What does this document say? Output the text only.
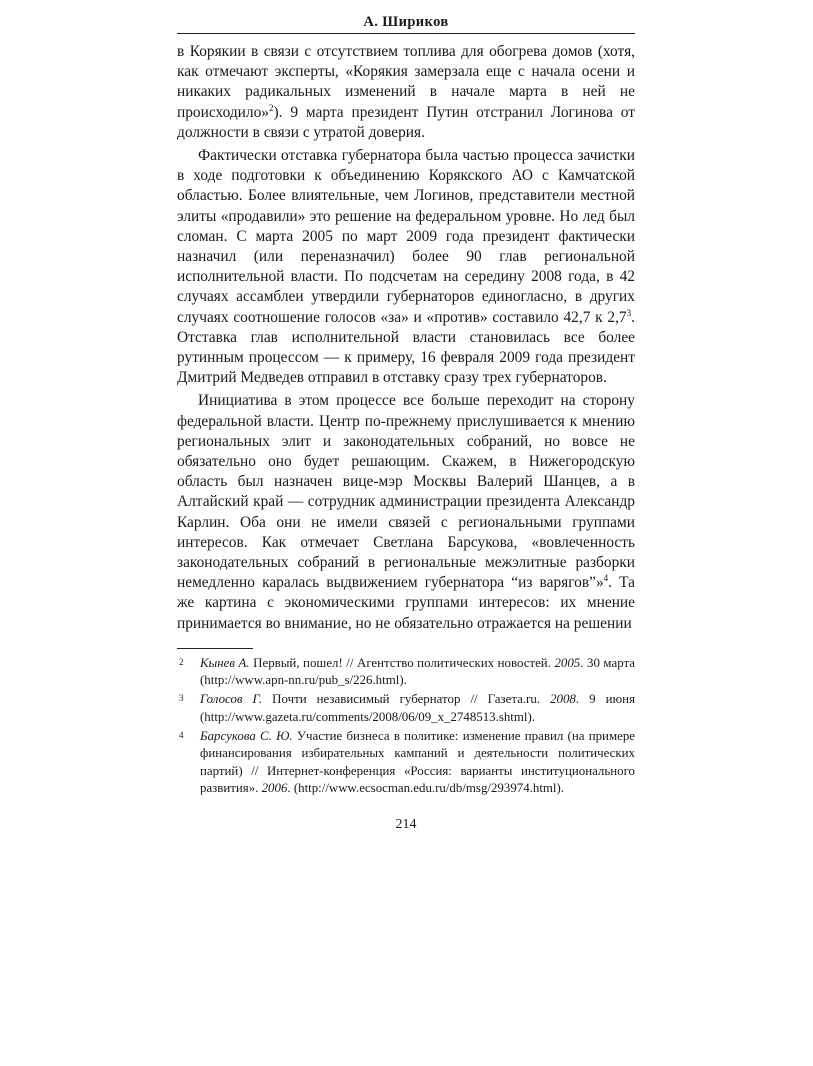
А. Шириков

в Корякии в связи с отсутствием топлива для обогрева домов (хотя, как отмечают эксперты, «Корякия замерзала еще с начала осени и никаких радикальных изменений в начале марта в ней не происходило»$^2$). 9 марта президент Путин отстранил Логинова от должности в связи с утратой доверия.

Фактически отставка губернатора была частью процесса зачистки в ходе подготовки к объединению Корякского АО с Камчатской областью. Более влиятельные, чем Логинов, представители местной элиты «продавили» это решение на федеральном уровне. Но лед был сломан. С марта 2005 по март 2009 года президент фактически назначил (или переназначил) более 90 глав региональной исполнительной власти. По подсчетам на середину 2008 года, в 42 случаях ассамблеи утвердили губернаторов единогласно, в других случаях соотношение голосов «за» и «против» составило 42,7 к $2,7^3$. Отставка глав исполнительной власти становилась все более рутинным процессом — к примеру, 16 февраля 2009 года президент Дмитрий Медведев отправил в отставку сразу трех губернаторов.

Инициатива в этом процессе все больше переходит на сторону федеральной власти. Центр по-прежнему прислушивается к мнению региональных элит и законодательных собраний, но вовсе не обязательно оно будет решающим. Скажем, в Нижегородскую область был назначен вице-мэр Москвы Валерий Шанцев, а в Алтайский край — сотрудник администрации президента Александр Карлин. Оба они не имели связей с региональными группами интересов. Как отмечает Светлана Барсукова, «вовлеченность законодательных собраний в региональные межэлитные разборки немедленно каралась выдвижением губернатора “из варягов”»$^4$. Та же картина с экономическими группами интересов: их мнение принимается во внимание, но не обязательно отражается на решении

2	Кынев А. Первый, пошел! // Агентство политических новостей. 2005. 30 марта (http://www.apn-nn.ru/pub_s/226.html).
3	Голосов Г. Почти независимый губернатор // Газета.ru. 2008. 9 июня (http://www.gazeta.ru/comments/2008/06/09_x_2748513.shtml).
4	Барсукова С. Ю. Участие бизнеса в политике: изменение правил (на примере финансирования избирательных кампаний и деятельности политических партий) // Интернет-конференция «Россия: варианты институционального развития». 2006. (http://www.ecsocman.edu.ru/db/msg/293974.html).
214
